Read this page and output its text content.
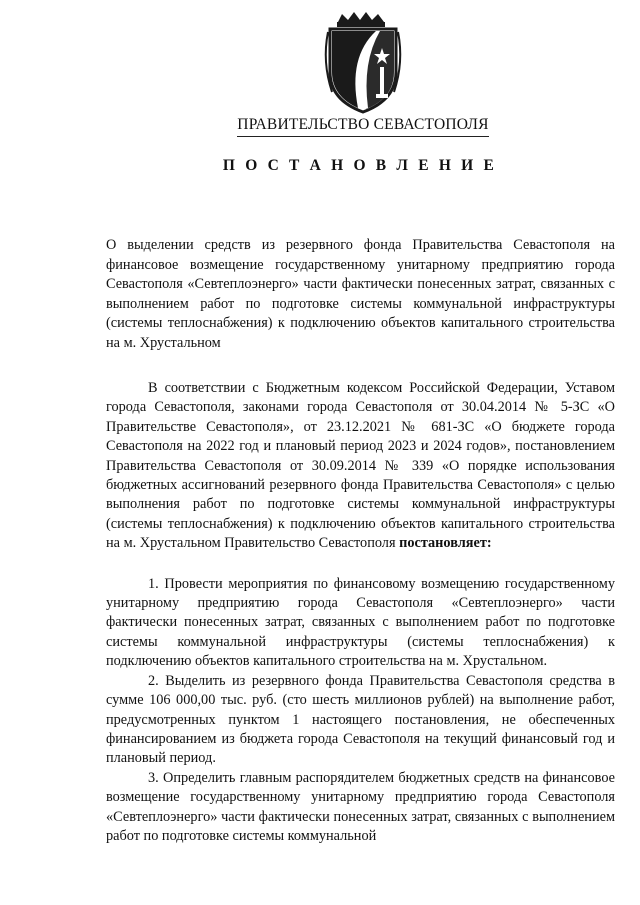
ПРАВИТЕЛЬСТВО СЕВАСТОПОЛЯ
П О С Т А Н О В Л Е Н И Е
О выделении средств из резервного фонда Правительства Севастополя на финансовое возмещение государственному унитарному предприятию города Севастополя «Севтеплоэнерго» части фактически понесенных затрат, связанных с выполнением работ по подготовке системы коммунальной инфраструктуры (системы теплоснабжения) к подключению объектов капитального строительства на м. Хрустальном

В соответствии с Бюджетным кодексом Российской Федерации, Уставом города Севастополя, законами города Севастополя от 30.04.2014 № 5-ЗС «О Правительстве Севастополя», от 23.12.2021 № 681-ЗС «О бюджете города Севастополя на 2022 год и плановый период 2023 и 2024 годов», постановлением Правительства Севастополя от 30.09.2014 № 339 «О порядке использования бюджетных ассигнований резервного фонда Правительства Севастополя» с целью выполнения работ по подготовке системы коммунальной инфраструктуры (системы теплоснабжения) к подключению объектов капитального строительства на м. Хрустальном Правительство Севастополя постановляет:

1. Провести мероприятия по финансовому возмещению государственному унитарному предприятию города Севастополя «Севтеплоэнерго» части фактически понесенных затрат, связанных с выполнением работ по подготовке системы коммунальной инфраструктуры (системы теплоснабжения) к подключению объектов капитального строительства на м. Хрустальном.

2. Выделить из резервного фонда Правительства Севастополя средства в сумме 106 000,00 тыс. руб. (сто шесть миллионов рублей) на выполнение работ, предусмотренных пунктом 1 настоящего постановления, не обеспеченных финансированием из бюджета города Севастополя на текущий финансовый год и плановый период.

3. Определить главным распорядителем бюджетных средств на финансовое возмещение государственному унитарному предприятию города Севастополя «Севтеплоэнерго» части фактически понесенных затрат, связанных с выполнением работ по подготовке системы коммунальной
